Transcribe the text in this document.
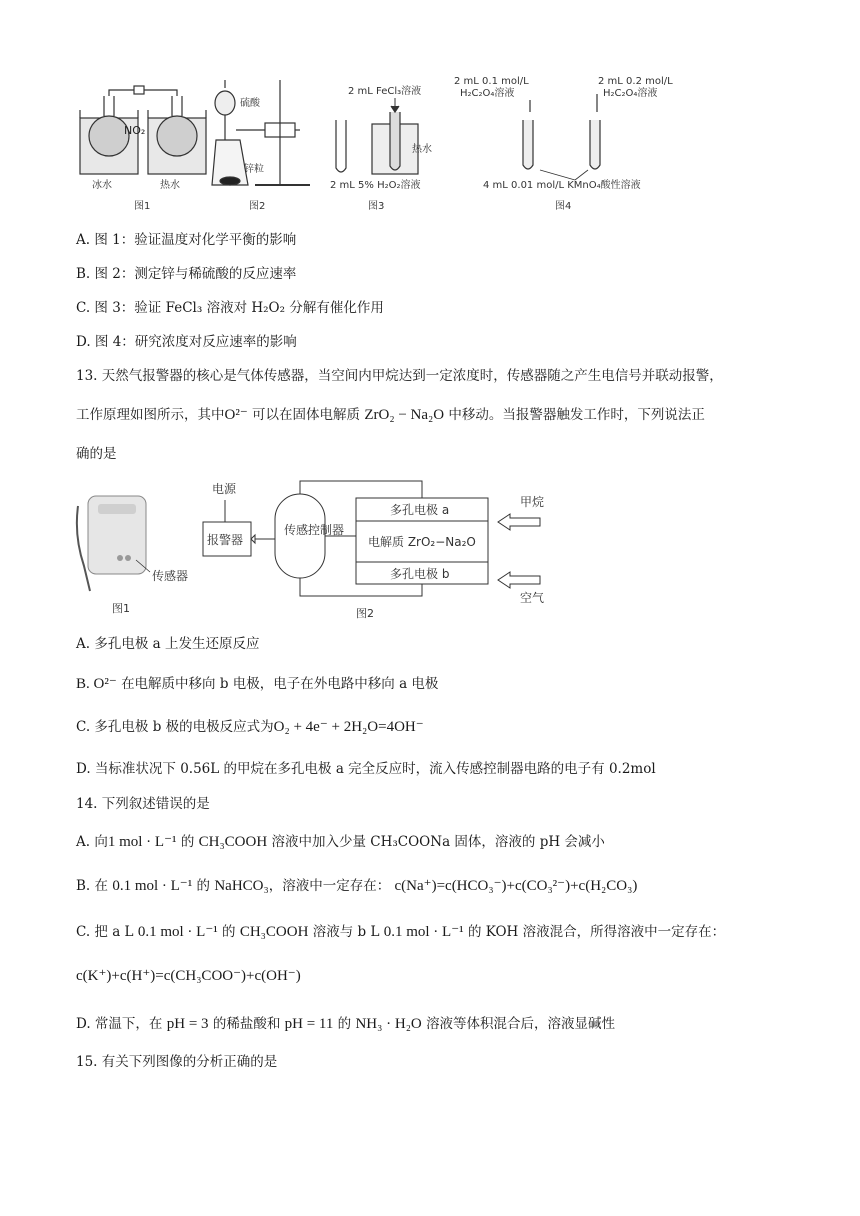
NO₂
冰水	热水
图1
硫酸
锌粒
图2
2 mL FeCl₃溶液
热水
2 mL 5% H₂O₂溶液
图3
2 mL 0.1 mol/L
H₂C₂O₄溶液
2 mL 0.2 mol/L
H₂C₂O₄溶液
4 mL 0.01 mol/L KMnO₄酸性溶液
图4
A. 图 1：验证温度对化学平衡的影响
B. 图 2：测定锌与稀硫酸的反应速率
C. 图 3：验证 FeCl₃ 溶液对 H₂O₂ 分解有催化作用
D. 图 4：研究浓度对反应速率的影响
13. 天然气报警器的核心是气体传感器，当空间内甲烷达到一定浓度时，传感器随之产生电信号并联动报警，
工作原理如图所示，其中O²⁻ 可以在固体电解质 ZrO₂ − Na₂O 中移动。当报警器触发工作时，下列说法正
确的是
传感器
图1
电源
报警器
传感控制器
多孔电极 a
电解质 ZrO₂−Na₂O
多孔电极 b
甲烷
空气
图2
A. 多孔电极 a 上发生还原反应
B. O²⁻ 在电解质中移向 b 电极，电子在外电路中移向 a 电极
C. 多孔电极 b 极的电极反应式为O₂ + 4e⁻ + 2H₂O=4OH⁻
D. 当标准状况下 0.56L 的甲烷在多孔电极 a 完全反应时，流入传感控制器电路的电子有 0.2mol
14. 下列叙述错误的是
A. 向1 mol · L⁻¹ 的 CH₃COOH 溶液中加入少量 CH₃COONa 固体，溶液的 pH 会减小
B. 在 0.1 mol · L⁻¹ 的 NaHCO₃，溶液中一定存在： c(Na⁺)=c(HCO₃⁻)+c(CO₃²⁻)+c(H₂CO₃)
C. 把 a L 0.1 mol · L⁻¹ 的 CH₃COOH 溶液与 b L 0.1 mol · L⁻¹ 的 KOH 溶液混合，所得溶液中一定存在：
c(K⁺)+c(H⁺)=c(CH₃COO⁻)+c(OH⁻)
D. 常温下，在 pH = 3 的稀盐酸和 pH = 11 的 NH₃ · H₂O 溶液等体积混合后，溶液显碱性
15. 有关下列图像的分析正确的是
